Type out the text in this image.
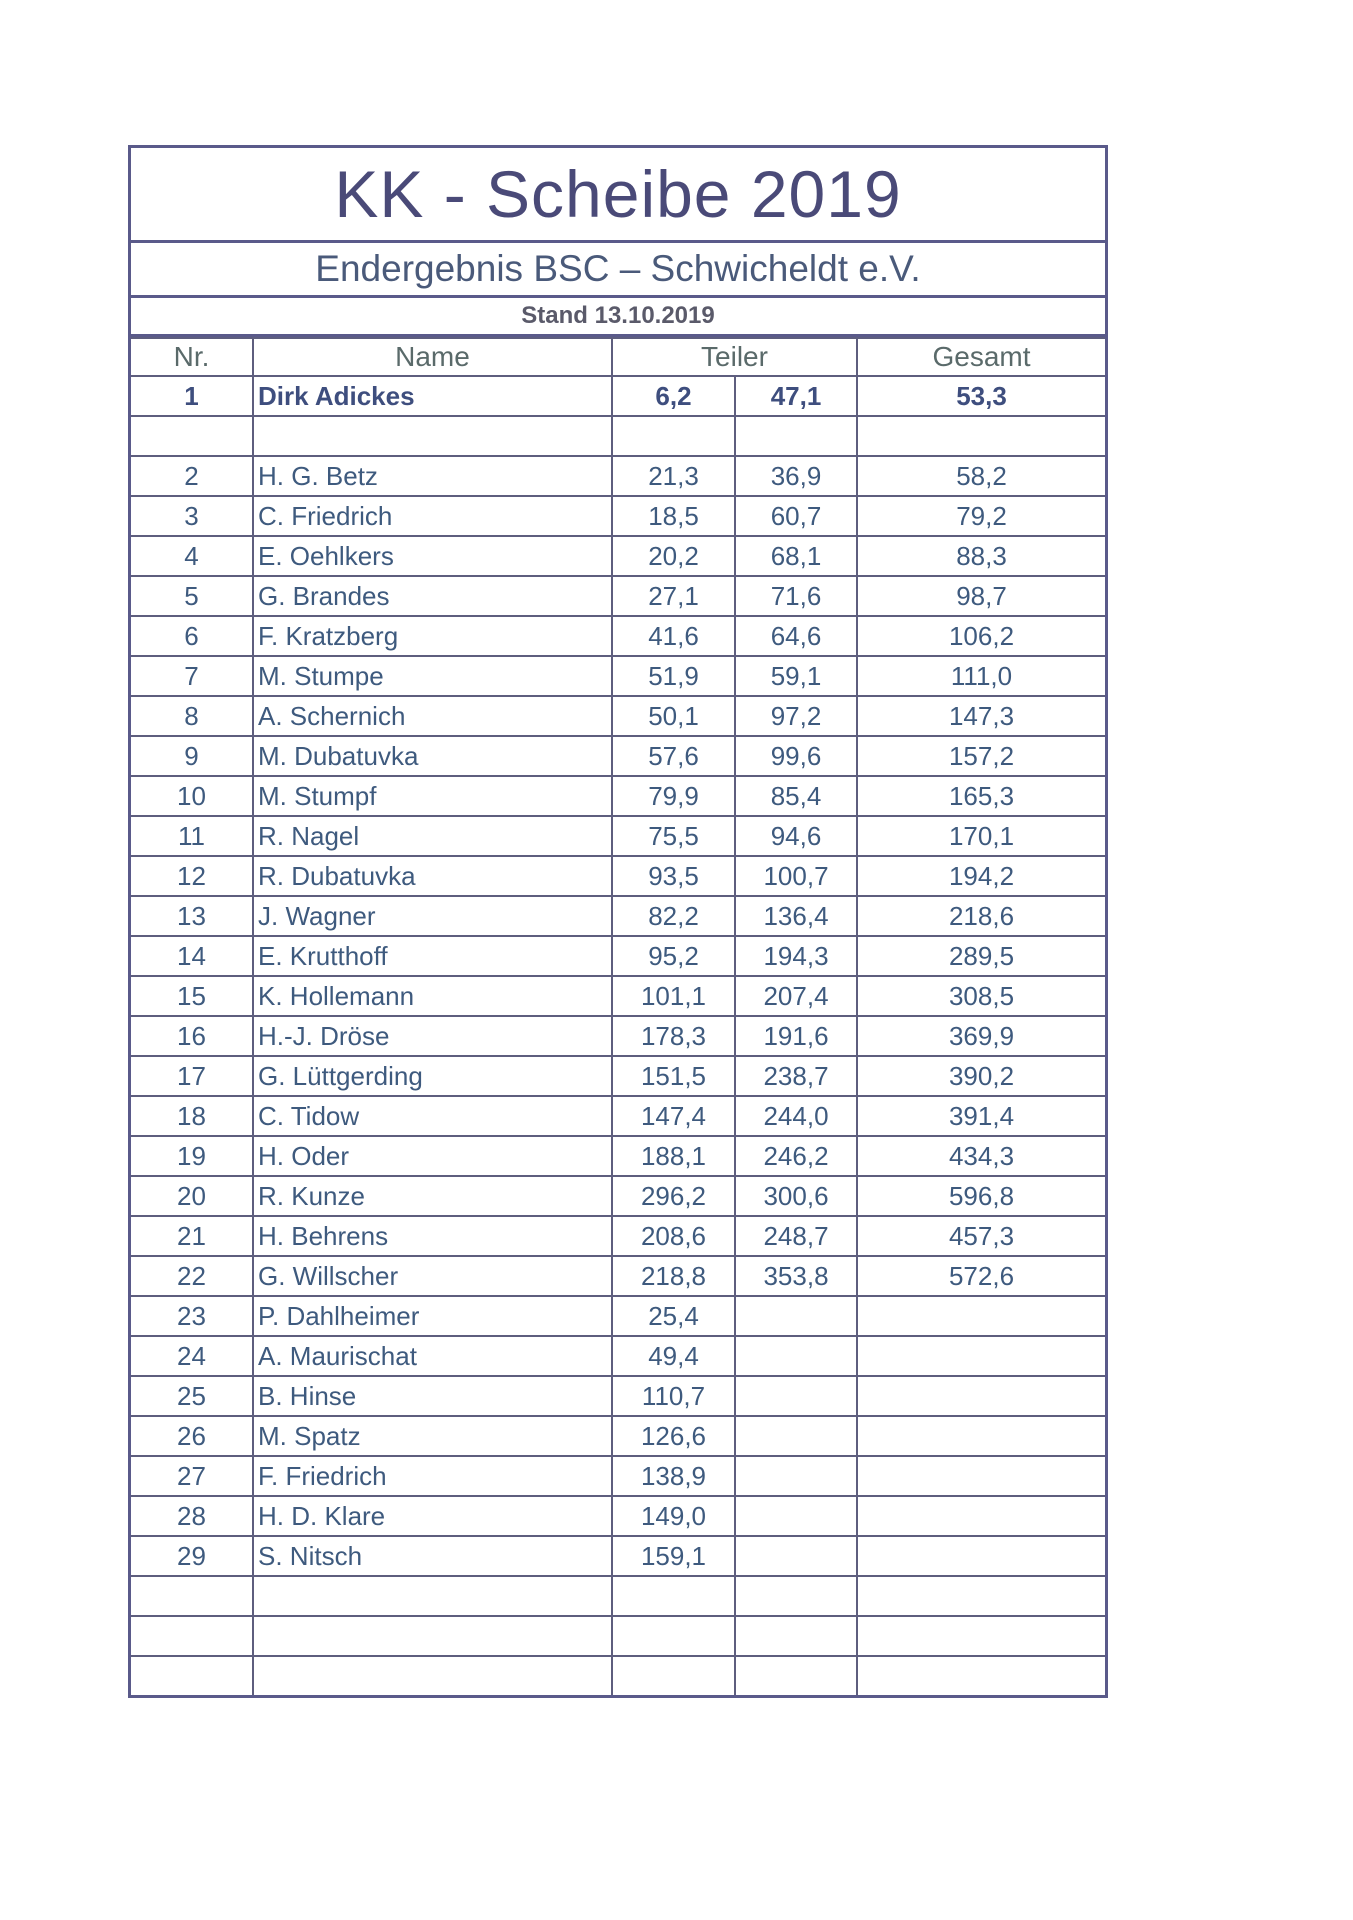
KK - Scheibe 2019
Endergebnis BSC – Schwicheldt e.V.
Stand 13.10.2019
Nr.	Name	Teiler		Gesamt
1	Dirk Adickes	6,2	47,1	53,3

2	H. G. Betz	21,3	36,9	58,2
3	C. Friedrich	18,5	60,7	79,2
4	E. Oehlkers	20,2	68,1	88,3
5	G. Brandes	27,1	71,6	98,7
6	F. Kratzberg	41,6	64,6	106,2
7	M. Stumpe	51,9	59,1	111,0
8	A. Schernich	50,1	97,2	147,3
9	M. Dubatuvka	57,6	99,6	157,2
10	M. Stumpf	79,9	85,4	165,3
11	R. Nagel	75,5	94,6	170,1
12	R. Dubatuvka	93,5	100,7	194,2
13	J. Wagner	82,2	136,4	218,6
14	E. Krutthoff	95,2	194,3	289,5
15	K. Hollemann	101,1	207,4	308,5
16	H.-J. Dröse	178,3	191,6	369,9
17	G. Lüttgerding	151,5	238,7	390,2
18	C. Tidow	147,4	244,0	391,4
19	H. Oder	188,1	246,2	434,3
20	R. Kunze	296,2	300,6	596,8
21	H. Behrens	208,6	248,7	457,3
22	G. Willscher	218,8	353,8	572,6
23	P. Dahlheimer	25,4		
24	A. Maurischat	49,4		
25	B. Hinse	110,7		
26	M. Spatz	126,6		
27	F. Friedrich	138,9		
28	H. D. Klare	149,0		
29	S. Nitsch	159,1		
